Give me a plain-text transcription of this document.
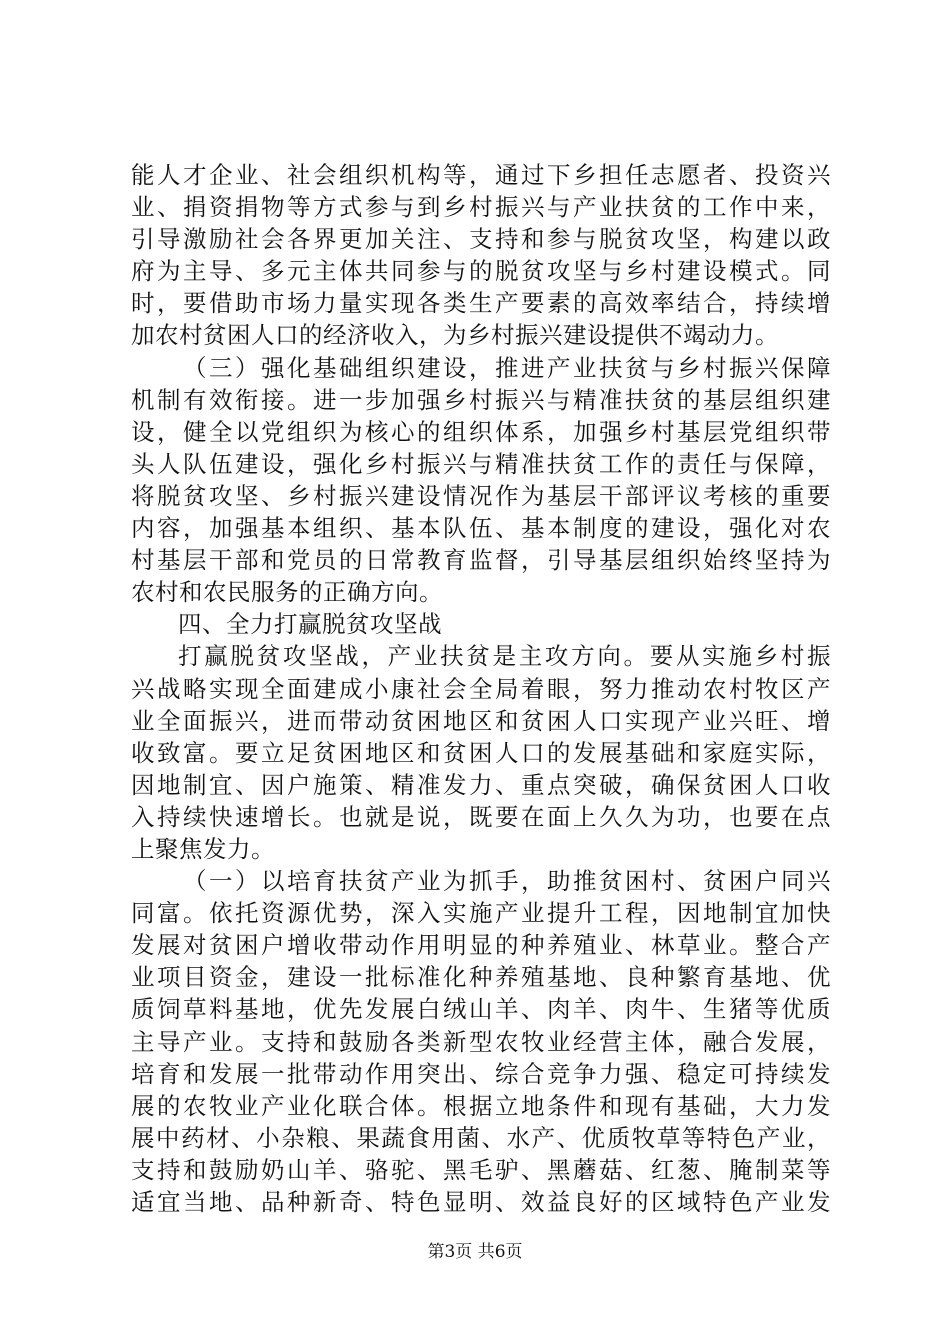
能人才企业、社会组织机构等，通过下乡担任志愿者、投资兴
业、捐资捐物等方式参与到乡村振兴与产业扶贫的工作中来，
引导激励社会各界更加关注、支持和参与脱贫攻坚，构建以政
府为主导、多元主体共同参与的脱贫攻坚与乡村建设模式。同
时，要借助市场力量实现各类生产要素的高效率结合，持续增
加农村贫困人口的经济收入，为乡村振兴建设提供不竭动力。
（三）强化基础组织建设，推进产业扶贫与乡村振兴保障
机制有效衔接。进一步加强乡村振兴与精准扶贫的基层组织建
设，健全以党组织为核心的组织体系，加强乡村基层党组织带
头人队伍建设，强化乡村振兴与精准扶贫工作的责任与保障，
将脱贫攻坚、乡村振兴建设情况作为基层干部评议考核的重要
内容，加强基本组织、基本队伍、基本制度的建设，强化对农
村基层干部和党员的日常教育监督，引导基层组织始终坚持为
农村和农民服务的正确方向。
四、全力打赢脱贫攻坚战
打赢脱贫攻坚战，产业扶贫是主攻方向。要从实施乡村振
兴战略实现全面建成小康社会全局着眼，努力推动农村牧区产
业全面振兴，进而带动贫困地区和贫困人口实现产业兴旺、增
收致富。要立足贫困地区和贫困人口的发展基础和家庭实际，
因地制宜、因户施策、精准发力、重点突破，确保贫困人口收
入持续快速增长。也就是说，既要在面上久久为功，也要在点
上聚焦发力。
（一）以培育扶贫产业为抓手，助推贫困村、贫困户同兴
同富。依托资源优势，深入实施产业提升工程，因地制宜加快
发展对贫困户增收带动作用明显的种养殖业、林草业。整合产
业项目资金，建设一批标准化种养殖基地、良种繁育基地、优
质饲草料基地，优先发展白绒山羊、肉羊、肉牛、生猪等优质
主导产业。支持和鼓励各类新型农牧业经营主体，融合发展，
培育和发展一批带动作用突出、综合竞争力强、稳定可持续发
展的农牧业产业化联合体。根据立地条件和现有基础，大力发
展中药材、小杂粮、果蔬食用菌、水产、优质牧草等特色产业，
支持和鼓励奶山羊、骆驼、黑毛驴、黑蘑菇、红葱、腌制菜等
适宜当地、品种新奇、特色显明、效益良好的区域特色产业发
第3页 共6页
